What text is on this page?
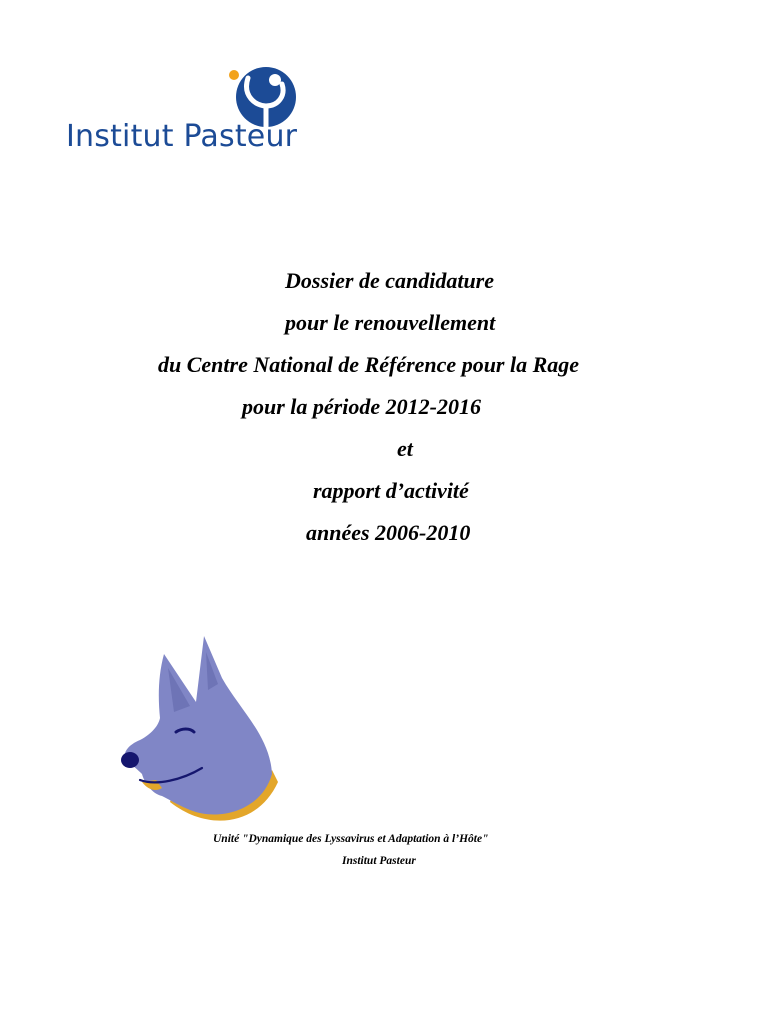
Institut Pasteur
Dossier de candidature
pour le renouvellement
du Centre National de Référence pour la Rage
pour la période 2012-2016
et
rapport d’activité
années 2006-2010
Unité "Dynamique des Lyssavirus et Adaptation à l’Hôte"
Institut Pasteur
